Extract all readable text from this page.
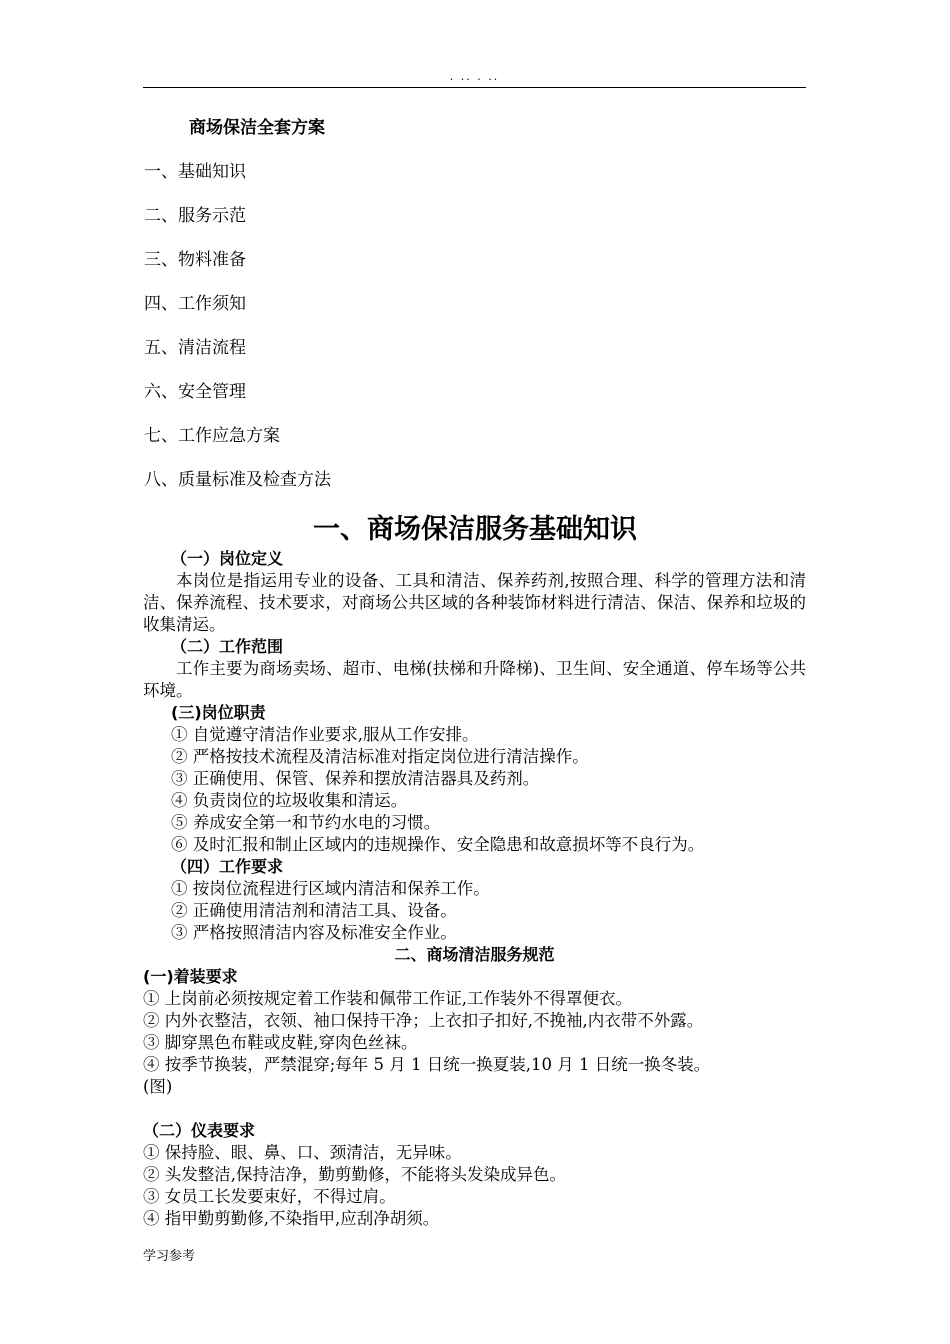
. .. . ..
商场保洁全套方案
一、基础知识
二、服务示范
三、物料准备
四、工作须知
五、清洁流程
六、安全管理
七、工作应急方案
八、质量标准及检查方法
一、商场保洁服务基础知识

（一）岗位定义

本岗位是指运用专业的设备、工具和清洁、保养药剂,按照合理、科学的管理方法和清洁、保养流程、技术要求，对商场公共区域的各种装饰材料进行清洁、保洁、保养和垃圾的收集清运。

（二）工作范围

工作主要为商场卖场、超市、电梯(扶梯和升降梯)、卫生间、安全通道、停车场等公共环境。

(三)岗位职责

① 自觉遵守清洁作业要求,服从工作安排。

② 严格按技术流程及清洁标准对指定岗位进行清洁操作。

③ 正确使用、保管、保养和摆放清洁器具及药剂。

④ 负责岗位的垃圾收集和清运。

⑤ 养成安全第一和节约水电的习惯。

⑥ 及时汇报和制止区域内的违规操作、安全隐患和故意损坏等不良行为。

（四）工作要求

① 按岗位流程进行区域内清洁和保养工作。

② 正确使用清洁剂和清洁工具、设备。

③ 严格按照清洁内容及标准安全作业。

二、商场清洁服务规范

(一)着装要求

① 上岗前必须按规定着工作装和佩带工作证,工作装外不得罩便衣。

② 内外衣整洁，衣领、袖口保持干净；上衣扣子扣好,不挽袖,内衣带不外露。

③ 脚穿黑色布鞋或皮鞋,穿肉色丝袜。

④ 按季节换装，严禁混穿;每年 5 月 1 日统一换夏装,10 月 1 日统一换冬装。

(图)

（二）仪表要求

① 保持脸、眼、鼻、口、颈清洁，无异味。

② 头发整洁,保持洁净，勤剪勤修，不能将头发染成异色。

③ 女员工长发要束好，不得过肩。

④ 指甲勤剪勤修,不染指甲,应刮净胡须。

学习参考
